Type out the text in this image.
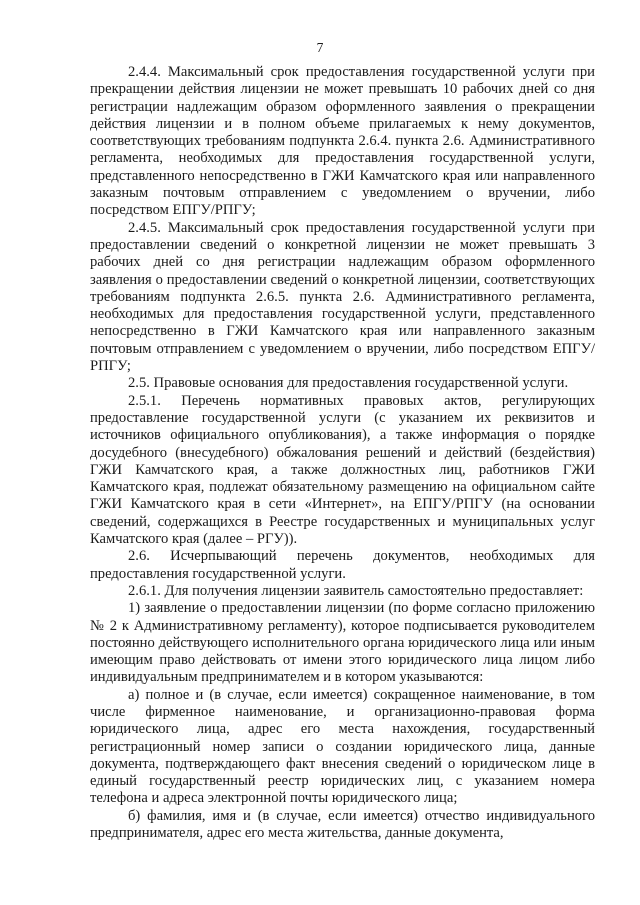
7

2.4.4. Максимальный срок предоставления государственной услуги при прекращении действия лицензии не может превышать 10 рабочих дней со дня регистрации надлежащим образом оформленного заявления о прекращении действия лицензии и в полном объеме прилагаемых к нему документов, соответствующих требованиям подпункта 2.6.4. пункта 2.6. Административного регламента, необходимых для предоставления государственной услуги, представленного непосредственно в ГЖИ Камчатского края или направленного заказным почтовым отправлением с уведомлением о вручении, либо посредством ЕПГУ/РПГУ;

2.4.5. Максимальный срок предоставления государственной услуги при предоставлении сведений о конкретной лицензии не может превышать 3 рабочих дней со дня регистрации надлежащим образом оформленного заявления о предоставлении сведений о конкретной лицензии, соответствующих требованиям подпункта 2.6.5. пункта 2.6. Административного регламента, необходимых для предоставления государственной услуги, представленного непосредственно в ГЖИ Камчатского края или направленного заказным почтовым отправлением с уведомлением о вручении, либо посредством ЕПГУ/РПГУ;

2.5. Правовые основания для предоставления государственной услуги.

2.5.1. Перечень нормативных правовых актов, регулирующих предоставление государственной услуги (с указанием их реквизитов и источников официального опубликования), а также информация о порядке досудебного (внесудебного) обжалования решений и действий (бездействия) ГЖИ Камчатского края, а также должностных лиц, работников ГЖИ Камчатского края, подлежат обязательному размещению на официальном сайте ГЖИ Камчатского края в сети «Интернет», на ЕПГУ/РПГУ (на основании сведений, содержащихся в Реестре государственных и муниципальных услуг Камчатского края (далее – РГУ)).

2.6. Исчерпывающий перечень документов, необходимых для предоставления государственной услуги.

2.6.1. Для получения лицензии заявитель самостоятельно предоставляет:

1) заявление о предоставлении лицензии (по форме согласно приложению № 2 к Административному регламенту), которое подписывается руководителем постоянно действующего исполнительного органа юридического лица или иным имеющим право действовать от имени этого юридического лица лицом либо индивидуальным предпринимателем и в котором указываются:

а) полное и (в случае, если имеется) сокращенное наименование, в том числе фирменное наименование, и организационно-правовая форма юридического лица, адрес его места нахождения, государственный регистрационный номер записи о создании юридического лица, данные документа, подтверждающего факт внесения сведений о юридическом лице в единый государственный реестр юридических лиц, с указанием номера телефона и адреса электронной почты юридического лица;

б) фамилия, имя и (в случае, если имеется) отчество индивидуального предпринимателя, адрес его места жительства, данные документа,
